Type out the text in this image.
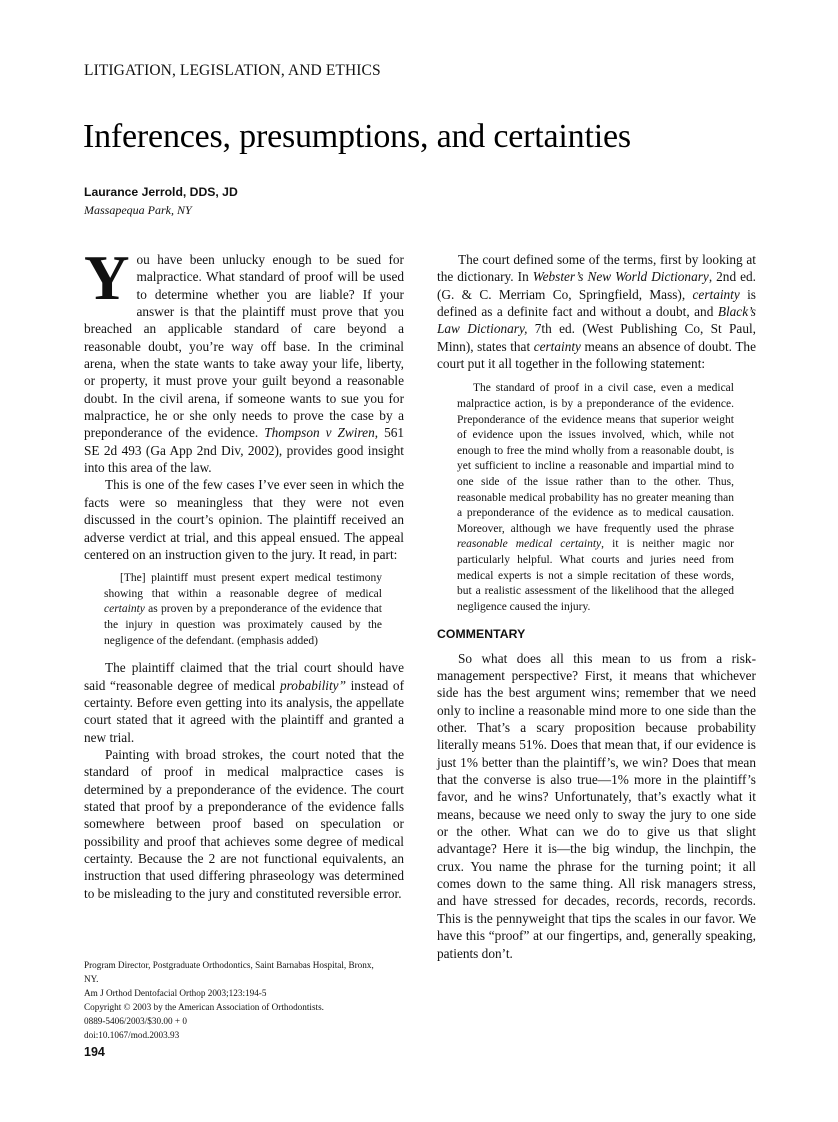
LITIGATION, LEGISLATION, AND ETHICS
Inferences, presumptions, and certainties
Laurance Jerrold, DDS, JD
Massapequa Park, NY

You have been unlucky enough to be sued for malpractice. What standard of proof will be used to determine whether you are liable? If your answer is that the plaintiff must prove that you breached an applicable standard of care beyond a reasonable doubt, you’re way off base. In the criminal arena, when the state wants to take away your life, liberty, or property, it must prove your guilt beyond a reasonable doubt. In the civil arena, if someone wants to sue you for malpractice, he or she only needs to prove the case by a preponderance of the evidence. Thompson v Zwiren, 561 SE 2d 493 (Ga App 2nd Div, 2002), provides good insight into this area of the law.

This is one of the few cases I’ve ever seen in which the facts were so meaningless that they were not even discussed in the court’s opinion. The plaintiff received an adverse verdict at trial, and this appeal ensued. The appeal centered on an instruction given to the jury. It read, in part:

[The] plaintiff must present expert medical testimony showing that within a reasonable degree of medical certainty as proven by a preponderance of the evidence that the injury in question was proximately caused by the negligence of the defendant. (emphasis added)

The plaintiff claimed that the trial court should have said “reasonable degree of medical probability” instead of certainty. Before even getting into its analysis, the appellate court stated that it agreed with the plaintiff and granted a new trial.

Painting with broad strokes, the court noted that the standard of proof in medical malpractice cases is determined by a preponderance of the evidence. The court stated that proof by a preponderance of the evidence falls somewhere between proof based on speculation or possibility and proof that achieves some degree of medical certainty. Because the 2 are not functional equivalents, an instruction that used differing phraseology was determined to be misleading to the jury and constituted reversible error.

Program Director, Postgraduate Orthodontics, Saint Barnabas Hospital, Bronx,
NY.
Am J Orthod Dentofacial Orthop 2003;123:194-5
Copyright © 2003 by the American Association of Orthodontists.
0889-5406/2003/$30.00 + 0
doi:10.1067/mod.2003.93
194

The court defined some of the terms, first by looking at the dictionary. In Webster’s New World Dictionary, 2nd ed. (G. & C. Merriam Co, Springfield, Mass), certainty is defined as a definite fact and without a doubt, and Black’s Law Dictionary, 7th ed. (West Publishing Co, St Paul, Minn), states that certainty means an absence of doubt. The court put it all together in the following statement:

The standard of proof in a civil case, even a medical malpractice action, is by a preponderance of the evidence. Preponderance of the evidence means that superior weight of evidence upon the issues involved, which, while not enough to free the mind wholly from a reasonable doubt, is yet sufficient to incline a reasonable and impartial mind to one side of the issue rather than to the other. Thus, reasonable medical probability has no greater meaning than a preponderance of the evidence as to medical causation. Moreover, although we have frequently used the phrase reasonable medical certainty, it is neither magic nor particularly helpful. What courts and juries need from medical experts is not a simple recitation of these words, but a realistic assessment of the likelihood that the alleged negligence caused the injury.

COMMENTARY

So what does all this mean to us from a risk-management perspective? First, it means that whichever side has the best argument wins; remember that we need only to incline a reasonable mind more to one side than the other. That’s a scary proposition because probability literally means 51%. Does that mean that, if our evidence is just 1% better than the plaintiff’s, we win? Does that mean that the converse is also true—1% more in the plaintiff’s favor, and he wins? Unfortunately, that’s exactly what it means, because we need only to sway the jury to one side or the other. What can we do to give us that slight advantage? Here it is—the big windup, the linchpin, the crux. You name the phrase for the turning point; it all comes down to the same thing. All risk managers stress, and have stressed for decades, records, records, records. This is the pennyweight that tips the scales in our favor. We have this “proof” at our fingertips, and, generally speaking, patients don’t.
